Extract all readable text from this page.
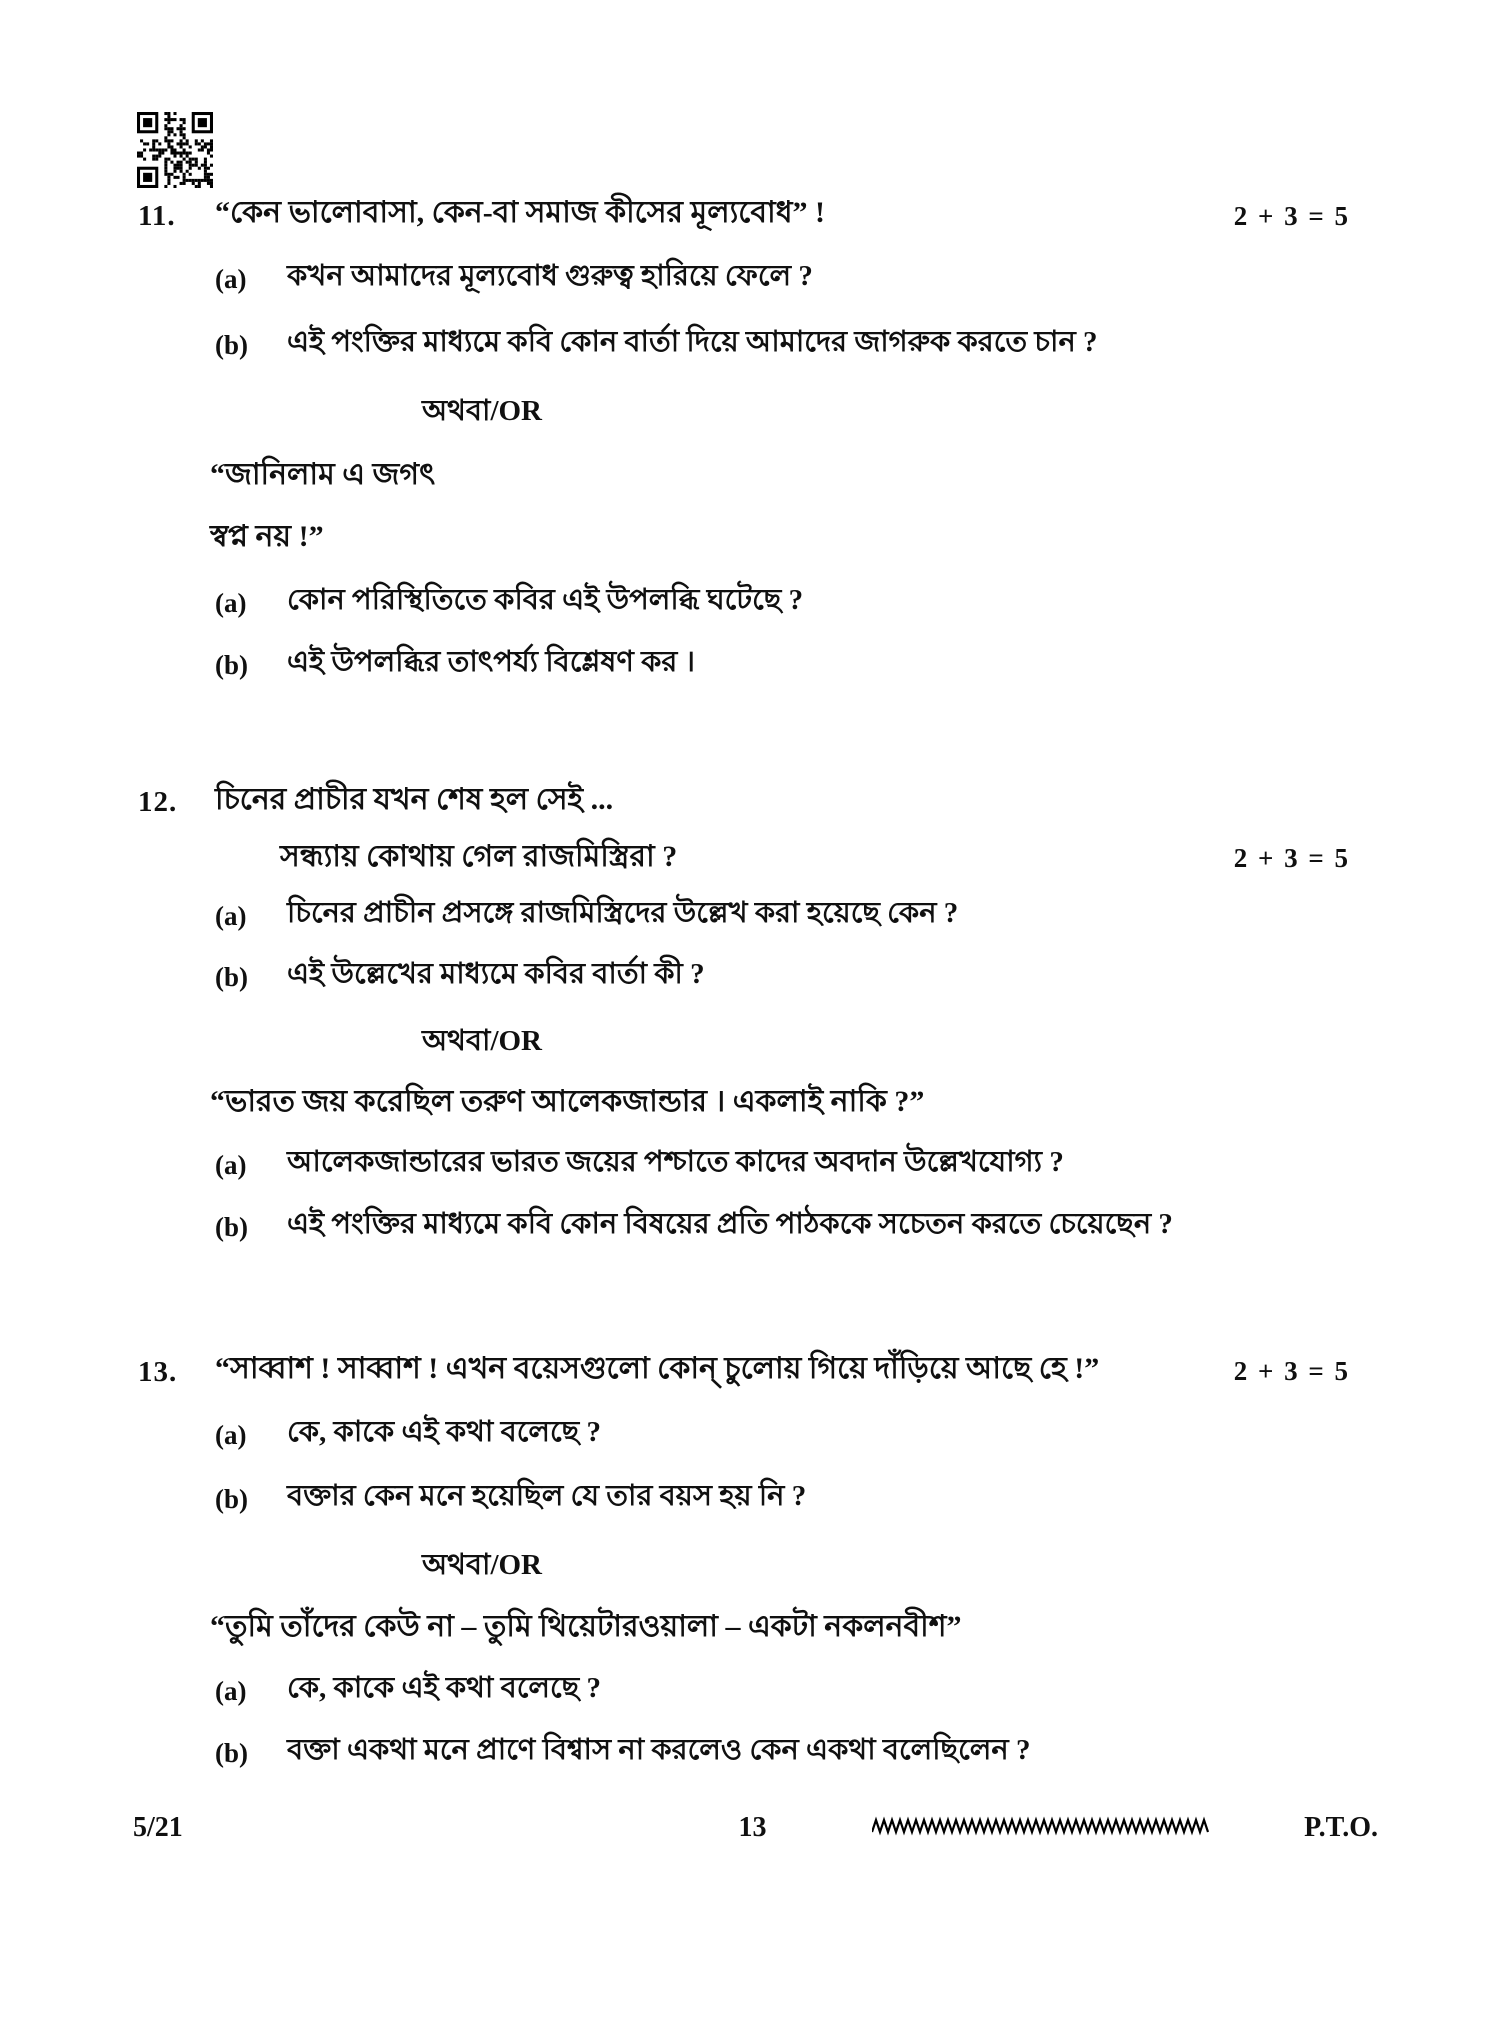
11. “কেন ভালোবাসা, কেন-বা সমাজ কীসের মূল্যবোধ” !	2 + 3 = 5
(a) কখন আমাদের মূল্যবোধ গুরুত্ব হারিয়ে ফেলে ?
(b) এই পংক্তির মাধ্যমে কবি কোন বার্তা দিয়ে আমাদের জাগরুক করতে চান ?
অথবা/OR
“জানিলাম এ জগৎ
স্বপ্ন নয় !”
(a) কোন পরিস্থিতিতে কবির এই উপলব্ধি ঘটেছে ?
(b) এই উপলব্ধির তাৎপর্য্য বিশ্লেষণ কর ।
12. চিনের প্রাচীর যখন শেষ হল সেই ...
সন্ধ্যায় কোথায় গেল রাজমিস্ত্রিরা ?	2 + 3 = 5
(a) চিনের প্রাচীন প্রসঙ্গে রাজমিস্ত্রিদের উল্লেখ করা হয়েছে কেন ?
(b) এই উল্লেখের মাধ্যমে কবির বার্তা কী ?
অথবা/OR
“ভারত জয় করেছিল তরুণ আলেকজান্ডার । একলাই নাকি ?”
(a) আলেকজান্ডারের ভারত জয়ের পশ্চাতে কাদের অবদান উল্লেখযোগ্য ?
(b) এই পংক্তির মাধ্যমে কবি কোন বিষয়ের প্রতি পাঠককে সচেতন করতে চেয়েছেন ?
13. “সাব্বাশ ! সাব্বাশ ! এখন বয়েসগুলো কোন্ চুলোয় গিয়ে দাঁড়িয়ে আছে হে !”	2 + 3 = 5
(a) কে, কাকে এই কথা বলেছে ?
(b) বক্তার কেন মনে হয়েছিল যে তার বয়স হয় নি ?
অথবা/OR
“তুমি তাঁদের কেউ না – তুমি থিয়েটারওয়ালা – একটা নকলনবীশ”
(a) কে, কাকে এই কথা বলেছে ?
(b) বক্তা একথা মনে প্রাণে বিশ্বাস না করলেও কেন একথা বলেছিলেন ?
5/21	13	P.T.O.
